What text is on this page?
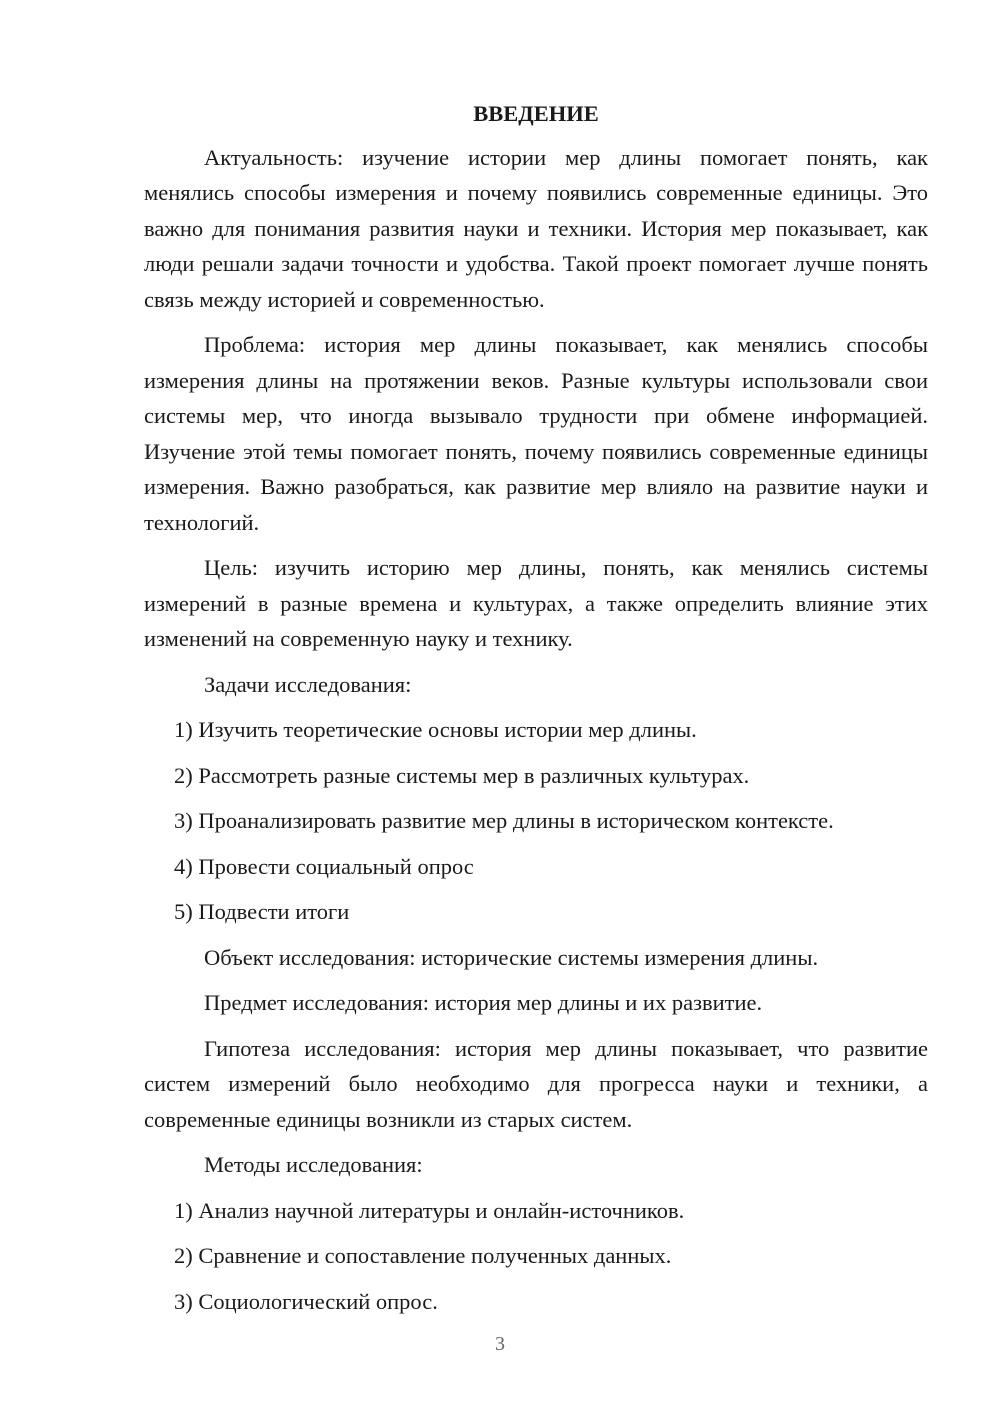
ВВЕДЕНИЕ

Актуальность: изучение истории мер длины помогает понять, как менялись способы измерения и почему появились современные единицы. Это важно для понимания развития науки и техники. История мер показывает, как люди решали задачи точности и удобства. Такой проект помогает лучше понять связь между историей и современностью.

Проблема: история мер длины показывает, как менялись способы измерения длины на протяжении веков. Разные культуры использовали свои системы мер, что иногда вызывало трудности при обмене информацией. Изучение этой темы помогает понять, почему появились современные единицы измерения. Важно разобраться, как развитие мер влияло на развитие науки и технологий.

Цель: изучить историю мер длины, понять, как менялись системы измерений в разные времена и культурах, а также определить влияние этих изменений на современную науку и технику.

Задачи исследования:
1) Изучить теоретические основы истории мер длины.
2) Рассмотреть разные системы мер в различных культурах.
3) Проанализировать развитие мер длины в историческом контексте.
4) Провести социальный опрос
5) Подвести итоги
Объект исследования: исторические системы измерения длины.
Предмет исследования: история мер длины и их развитие.

Гипотеза исследования: история мер длины показывает, что развитие систем измерений было необходимо для прогресса науки и техники, а современные единицы возникли из старых систем.

Методы исследования:
1) Анализ научной литературы и онлайн-источников.
2) Сравнение и сопоставление полученных данных.
3) Социологический опрос.
3
